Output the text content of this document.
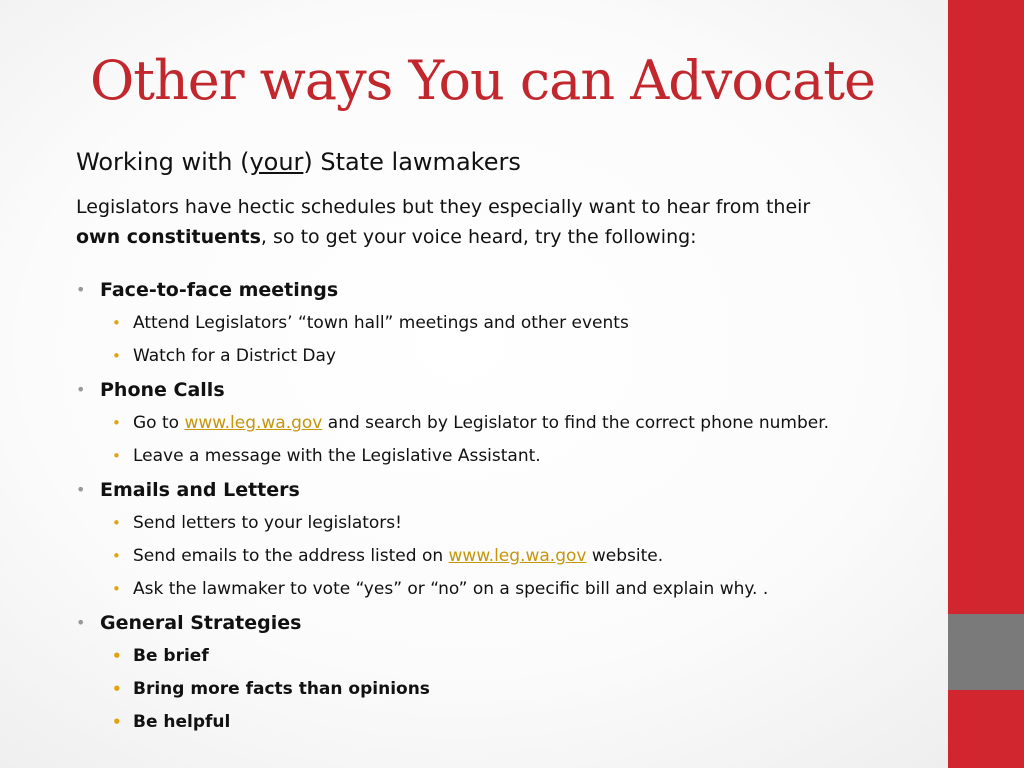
Other ways You can Advocate
Working with (your) State lawmakers
Legislators have hectic schedules but they especially want to hear from their
own constituents, so to get your voice heard, try the following:
• Face-to-face meetings
• Attend Legislators’ “town hall” meetings and other events
• Watch for a District Day
• Phone Calls
• Go to www.leg.wa.gov and search by Legislator to find the correct phone number.
• Leave a message with the Legislative Assistant.
• Emails and Letters
• Send letters to your legislators!
• Send emails to the address listed on www.leg.wa.gov website.
• Ask the lawmaker to vote “yes” or “no” on a specific bill and explain why. .
• General Strategies
• Be brief
• Bring more facts than opinions
• Be helpful
